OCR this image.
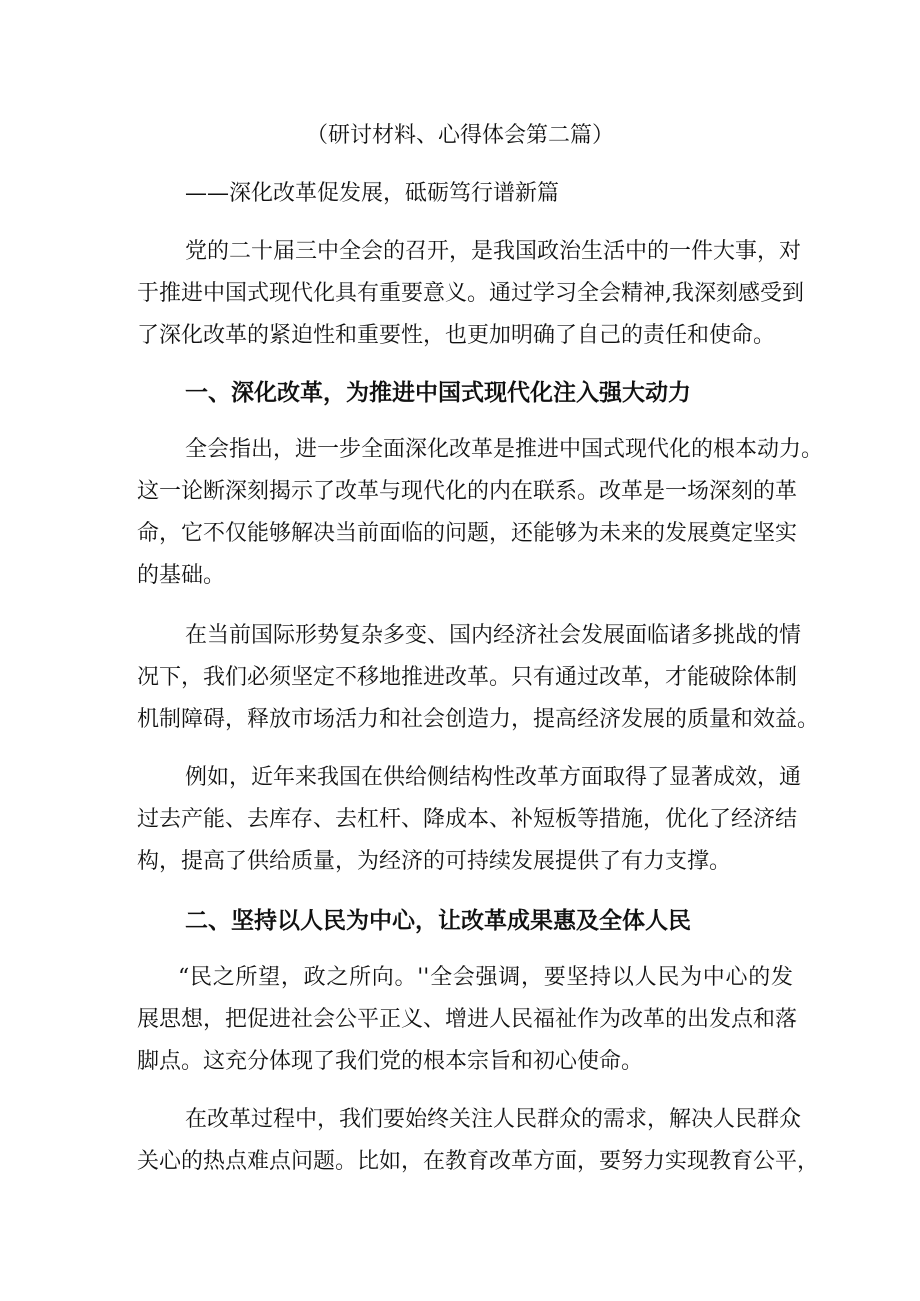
（研讨材料、心得体会第二篇）

——深化改革促发展，砥砺笃行谱新篇

党的二十届三中全会的召开，是我国政治生活中的一件大事，对

于推进中国式现代化具有重要意义。通过学习全会精神,我深刻感受到

了深化改革的紧迫性和重要性，也更加明确了自己的责任和使命。

一、深化改革，为推进中国式现代化注入强大动力

全会指出，进一步全面深化改革是推进中国式现代化的根本动力。

这一论断深刻揭示了改革与现代化的内在联系。改革是一场深刻的革

命，它不仅能够解决当前面临的问题，还能够为未来的发展奠定坚实

的基础。

在当前国际形势复杂多变、国内经济社会发展面临诸多挑战的情

况下，我们必须坚定不移地推进改革。只有通过改革，才能破除体制

机制障碍，释放市场活力和社会创造力，提高经济发展的质量和效益。

例如，近年来我国在供给侧结构性改革方面取得了显著成效，通

过去产能、去库存、去杠杆、降成本、补短板等措施，优化了经济结

构，提高了供给质量，为经济的可持续发展提供了有力支撑。

二、坚持以人民为中心，让改革成果惠及全体人民

“民之所望，政之所向。''全会强调，要坚持以人民为中心的发

展思想，把促进社会公平正义、增进人民福祉作为改革的出发点和落

脚点。这充分体现了我们党的根本宗旨和初心使命。

在改革过程中，我们要始终关注人民群众的需求，解决人民群众

关心的热点难点问题。比如，在教育改革方面，要努力实现教育公平，
